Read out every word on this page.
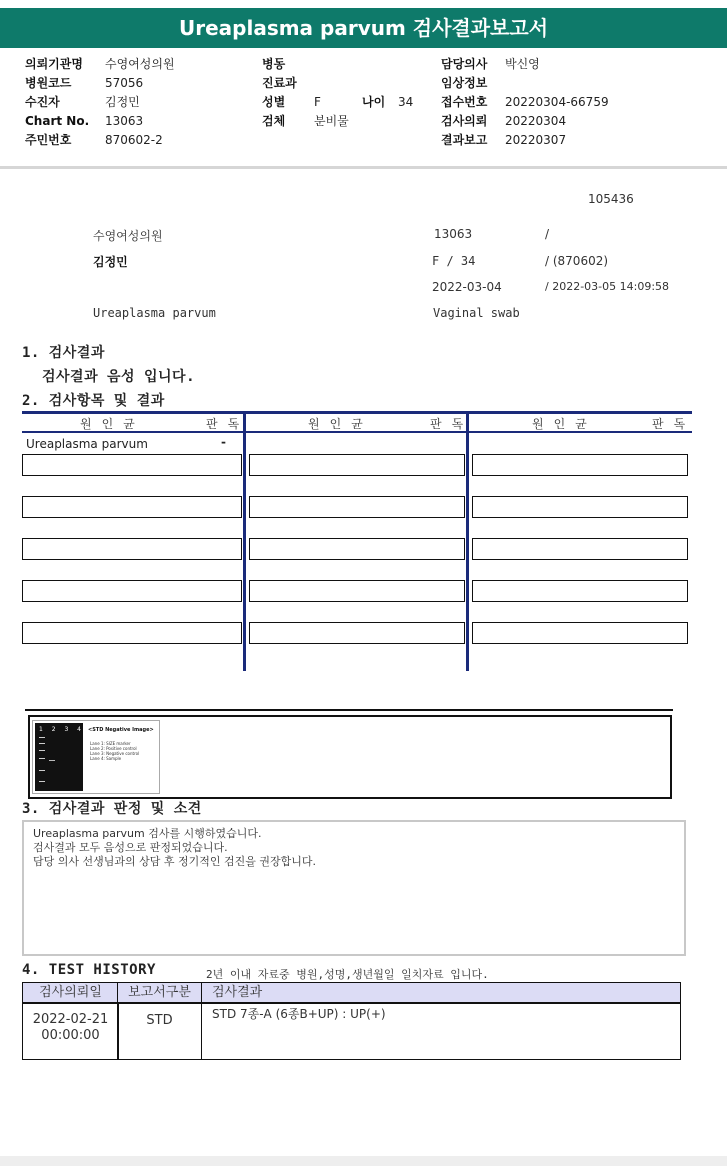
Ureaplasma parvum 검사결과보고서
의뢰기관명 수영여성의원
병원코드	57056
수진자	김정민
Chart No. 13063
주민번호	870602-2
병동
진료과
성별 F	나이 34
검체 분비물
담당의사 박신영
임상정보
접수번호 20220304-66759
검사의뢰 20220304
결과보고 20220307
105436
수영여성의원	13063	/
김정민	F / 34	/ (870602)
2022-03-04	/ 2022-03-05 14:09:58
Ureaplasma parvum	Vaginal swab
1. 검사결과
검사결과 음성 입니다.
2. 검사항목 및 결과
원인균	판독	원인균	판독	원인균	판독
Ureaplasma parvum	-
1 2 3 4 <STD Negative Image>
Lane 1: SIZE marker
Lane 2: Positive control
Lane 3: Negative control
Lane 4: Sample
3. 검사결과 판정 및 소견
Ureaplasma parvum 검사를 시행하였습니다.
검사결과 모두 음성으로 판정되었습니다.
담당 의사 선생님과의 상담 후 정기적인 검진을 권장합니다.
4. TEST HISTORY	2년 이내 자료중 병원,성명,생년월일 일치자료 입니다.
검사의뢰일	보고서구분	검사결과
2022-02-21
00:00:00
STD	STD 7종-A (6종B+UP) : UP(+)
